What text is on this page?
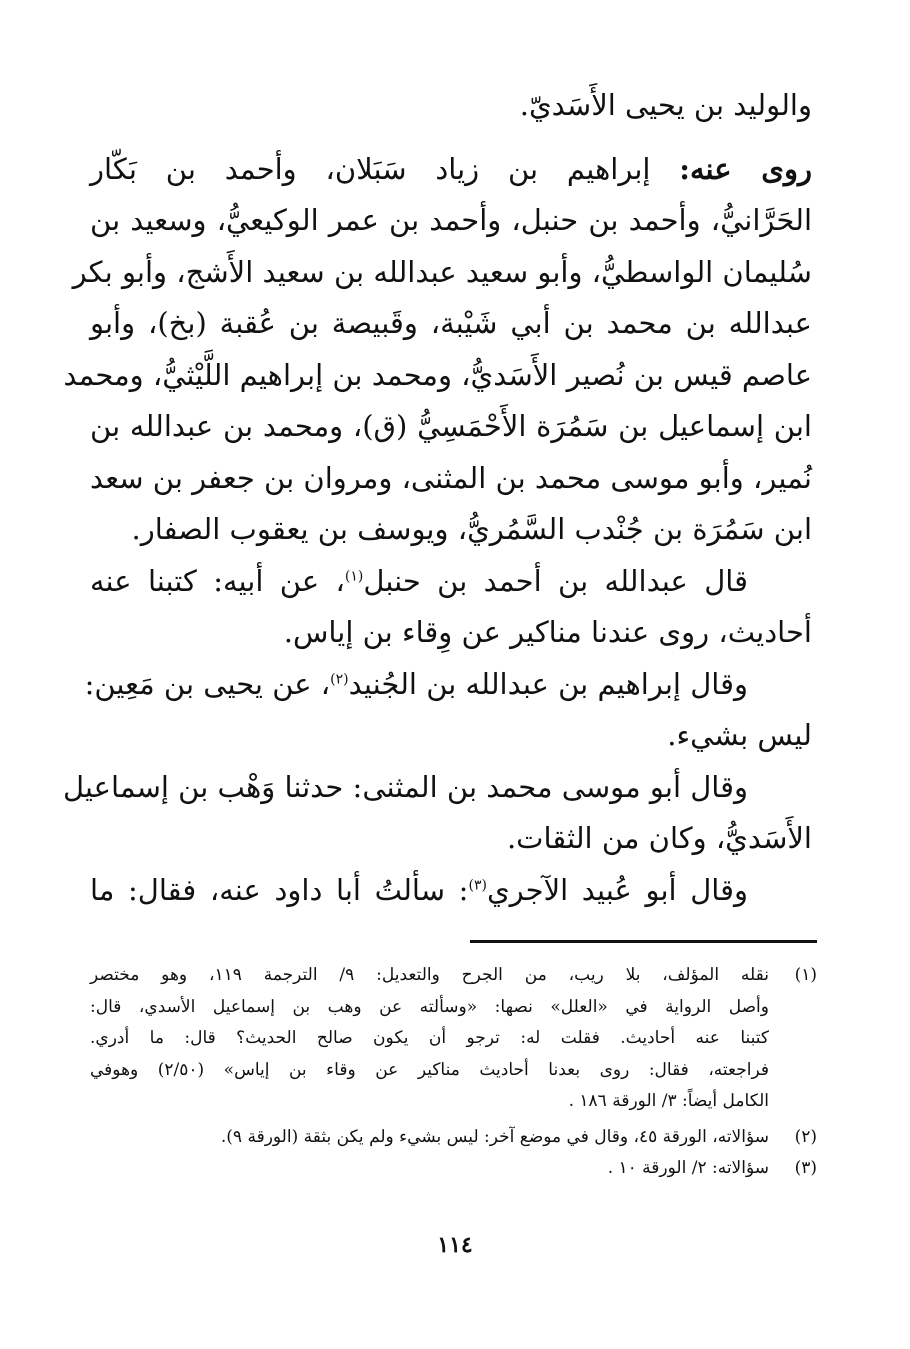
والوليد بن يحيى الأَسَديّ.
روى عنه: إبراهيم بن زياد سَبَلان، وأحمد بن بَكّار
الحَرَّانيُّ، وأحمد بن حنبل، وأحمد بن عمر الوكيعيُّ، وسعيد بن
سُليمان الواسطيُّ، وأبو سعيد عبدالله بن سعيد الأَشج، وأبو بكر
عبدالله بن محمد بن أبي شَيْبة، وقَبيصة بن عُقبة (بخ)، وأبو
عاصم قيس بن نُصير الأَسَديُّ، ومحمد بن إبراهيم اللَّيْثيُّ، ومحمد
ابن إسماعيل بن سَمُرَة الأَحْمَسِيُّ (ق)، ومحمد بن عبدالله بن
نُمير، وأبو موسى محمد بن المثنى، ومروان بن جعفر بن سعد
ابن سَمُرَة بن جُنْدب السَّمُريُّ، ويوسف بن يعقوب الصفار.
قال عبدالله بن أحمد بن حنبل$^{(١)}$، عن أبيه: كتبنا عنه
أحاديث، روى عندنا مناكير عن وِقاء بن إياس.
وقال إبراهيم بن عبدالله بن الجُنيد$^{(٢)}$، عن يحيى بن مَعِين:
ليس بشيء.
وقال أبو موسى محمد بن المثنى: حدثنا وَهْب بن إسماعيل
الأَسَديُّ، وكان من الثقات.
وقال أبو عُبيد الآجري$^{(٣)}$: سألتُ أبا داود عنه، فقال: ما
(١)
نقله المؤلف، بلا ريب، من الجرح والتعديل: ٩/ الترجمة ١١٩، وهو مختصر
وأصل الرواية في «العلل» نصها: «وسألته عن وهب بن إسماعيل الأسدي، قال:
كتبنا عنه أحاديث. فقلت له: ترجو أن يكون صالح الحديث؟ قال: ما أدري.
فراجعته، فقال: روى بعدنا أحاديث مناكير عن وقاء بن إياس» (٢/٥٠) وهوفي
الكامل أيضاً: ٣/ الورقة ١٨٦ .
(٢)
سؤالاته، الورقة ٤٥، وقال في موضع آخر: ليس بشيء ولم يكن بثقة (الورقة ٩).
(٣)
سؤالاته: ٢/ الورقة ١٠ .
١١٤
